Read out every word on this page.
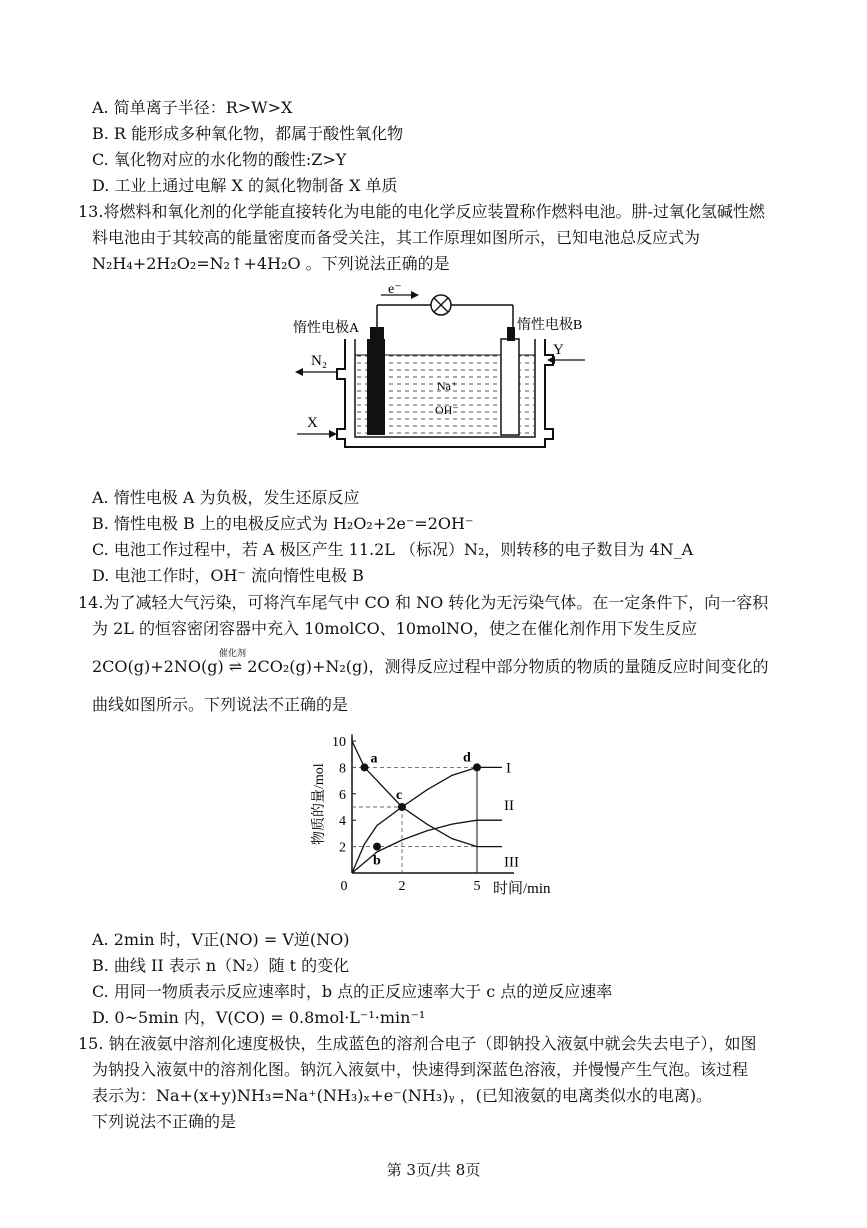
A. 简单离子半径：R>W>X
B. R 能形成多种氧化物，都属于酸性氧化物
C. 氧化物对应的水化物的酸性:Z>Y
D. 工业上通过电解 X 的氮化物制备 X 单质
13.将燃料和氧化剂的化学能直接转化为电能的电化学反应装置称作燃料电池。肼-过氧化氢碱性燃
料电池由于其较高的能量密度而备受关注，其工作原理如图所示，已知电池总反应式为
N₂H₄+2H₂O₂=N₂↑+4H₂O 。下列说法正确的是
e⁻
惰性电极A	惰性电极B
Na⁺
OH⁻
N₂
Y
X
A. 惰性电极 A 为负极，发生还原反应
B. 惰性电极 B 上的电极反应式为 H₂O₂+2e⁻=2OH⁻
C. 电池工作过程中，若 A 极区产生 11.2L （标况）N₂，则转移的电子数目为 4N_A
D. 电池工作时，OH⁻ 流向惰性电极 B
14.为了减轻大气污染，可将汽车尾气中 CO 和 NO 转化为无污染气体。在一定条件下，向一容积
为 2L 的恒容密闭容器中充入 10molCO、10molNO，使之在催化剂作用下发生反应
2CO(g)+2NO(g) ⇌ 2CO₂(g)+N₂(g)
催化剂
，测得反应过程中部分物质的物质的量随反应时间变化的
曲线如图所示。下列说法不正确的是
10
8
6
4
2
0	2	5
I
II
III
a
b
c
d
时间/min
物质的量/mol
A. 2min 时，V正(NO) = V逆(NO)
B. 曲线 II 表示 n（N₂）随 t 的变化
C. 用同一物质表示反应速率时，b 点的正反应速率大于 c 点的逆反应速率
D. 0~5min 内，V(CO) = 0.8mol·L⁻¹·min⁻¹
15. 钠在液氨中溶剂化速度极快，生成蓝色的溶剂合电子（即钠投入液氨中就会失去电子），如图
为钠投入液氨中的溶剂化图。钠沉入液氨中，快速得到深蓝色溶液，并慢慢产生气泡。该过程
表示为：Na+(x+y)NH₃=Na⁺(NH₃)ₓ+e⁻(NH₃)ᵧ ，(已知液氨的电离类似水的电离)。
下列说法不正确的是
第 3页/共 8页
